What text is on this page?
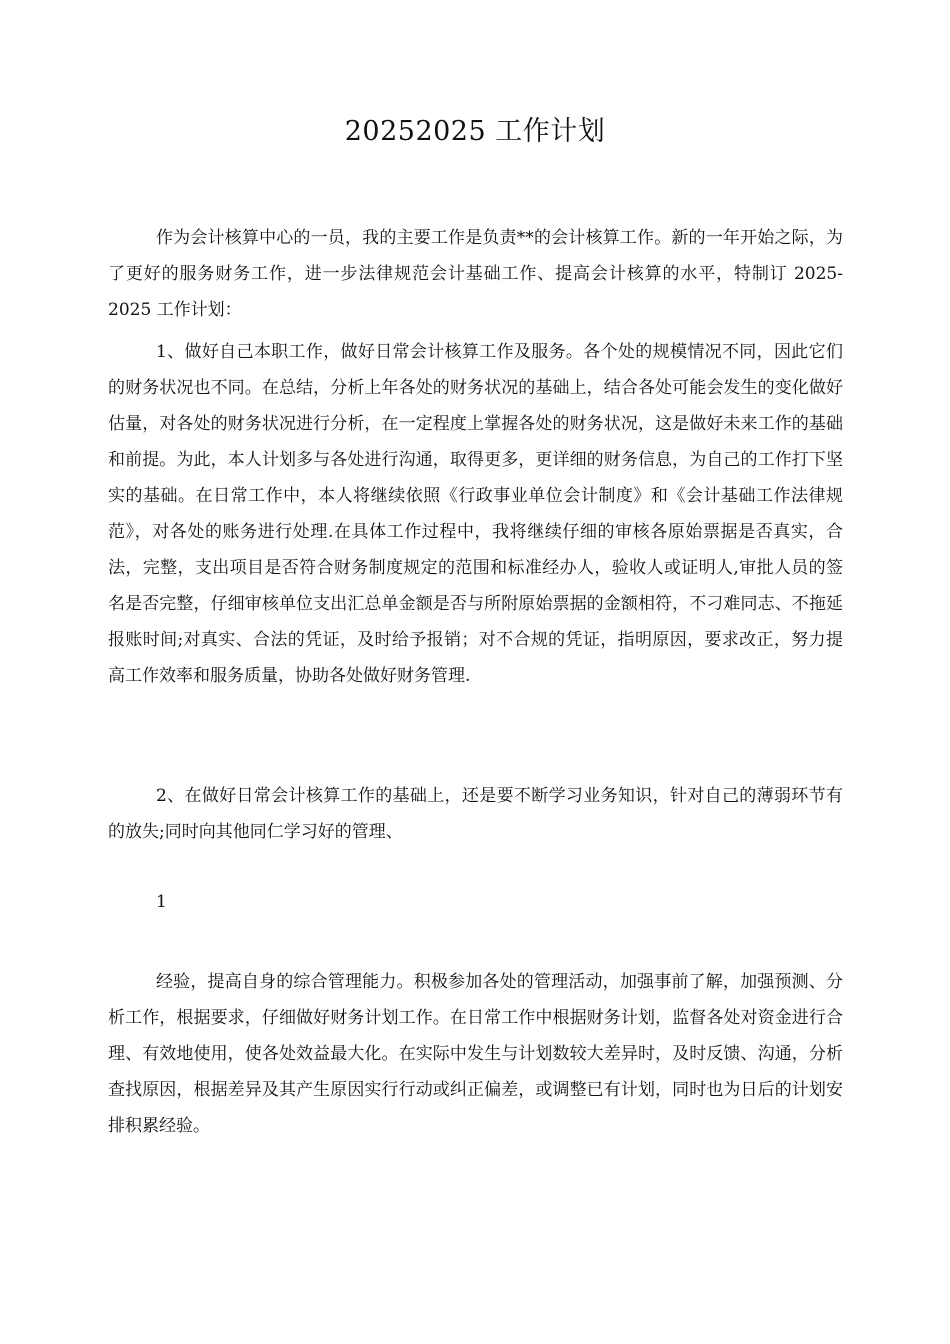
20252025 工作计划

作为会计核算中心的一员，我的主要工作是负责**的会计核算工作。新的一年开始之际，为了更好的服务财务工作，进一步法律规范会计基础工作、提高会计核算的水平，特制订 2025-2025 工作计划：

1、做好自己本职工作，做好日常会计核算工作及服务。各个处的规模情况不同，因此它们的财务状况也不同。在总结，分析上年各处的财务状况的基础上，结合各处可能会发生的变化做好估量，对各处的财务状况进行分析，在一定程度上掌握各处的财务状况，这是做好未来工作的基础和前提。为此，本人计划多与各处进行沟通，取得更多，更详细的财务信息，为自己的工作打下坚实的基础。在日常工作中，本人将继续依照《行政事业单位会计制度》和《会计基础工作法律规范》，对各处的账务进行处理.在具体工作过程中，我将继续仔细的审核各原始票据是否真实，合法，完整，支出项目是否符合财务制度规定的范围和标准经办人，验收人或证明人,审批人员的签名是否完整，仔细审核单位支出汇总单金额是否与所附原始票据的金额相符，不刁难同志、不拖延报账时间;对真实、合法的凭证，及时给予报销；对不合规的凭证，指明原因，要求改正，努力提高工作效率和服务质量，协助各处做好财务管理.

2、在做好日常会计核算工作的基础上，还是要不断学习业务知识，针对自己的薄弱环节有的放失;同时向其他同仁学习好的管理、

1

经验，提高自身的综合管理能力。积极参加各处的管理活动，加强事前了解，加强预测、分析工作，根据要求，仔细做好财务计划工作。在日常工作中根据财务计划，监督各处对资金进行合理、有效地使用，使各处效益最大化。在实际中发生与计划数较大差异时，及时反馈、沟通，分析查找原因，根据差异及其产生原因实行行动或纠正偏差，或调整已有计划，同时也为日后的计划安排积累经验。
